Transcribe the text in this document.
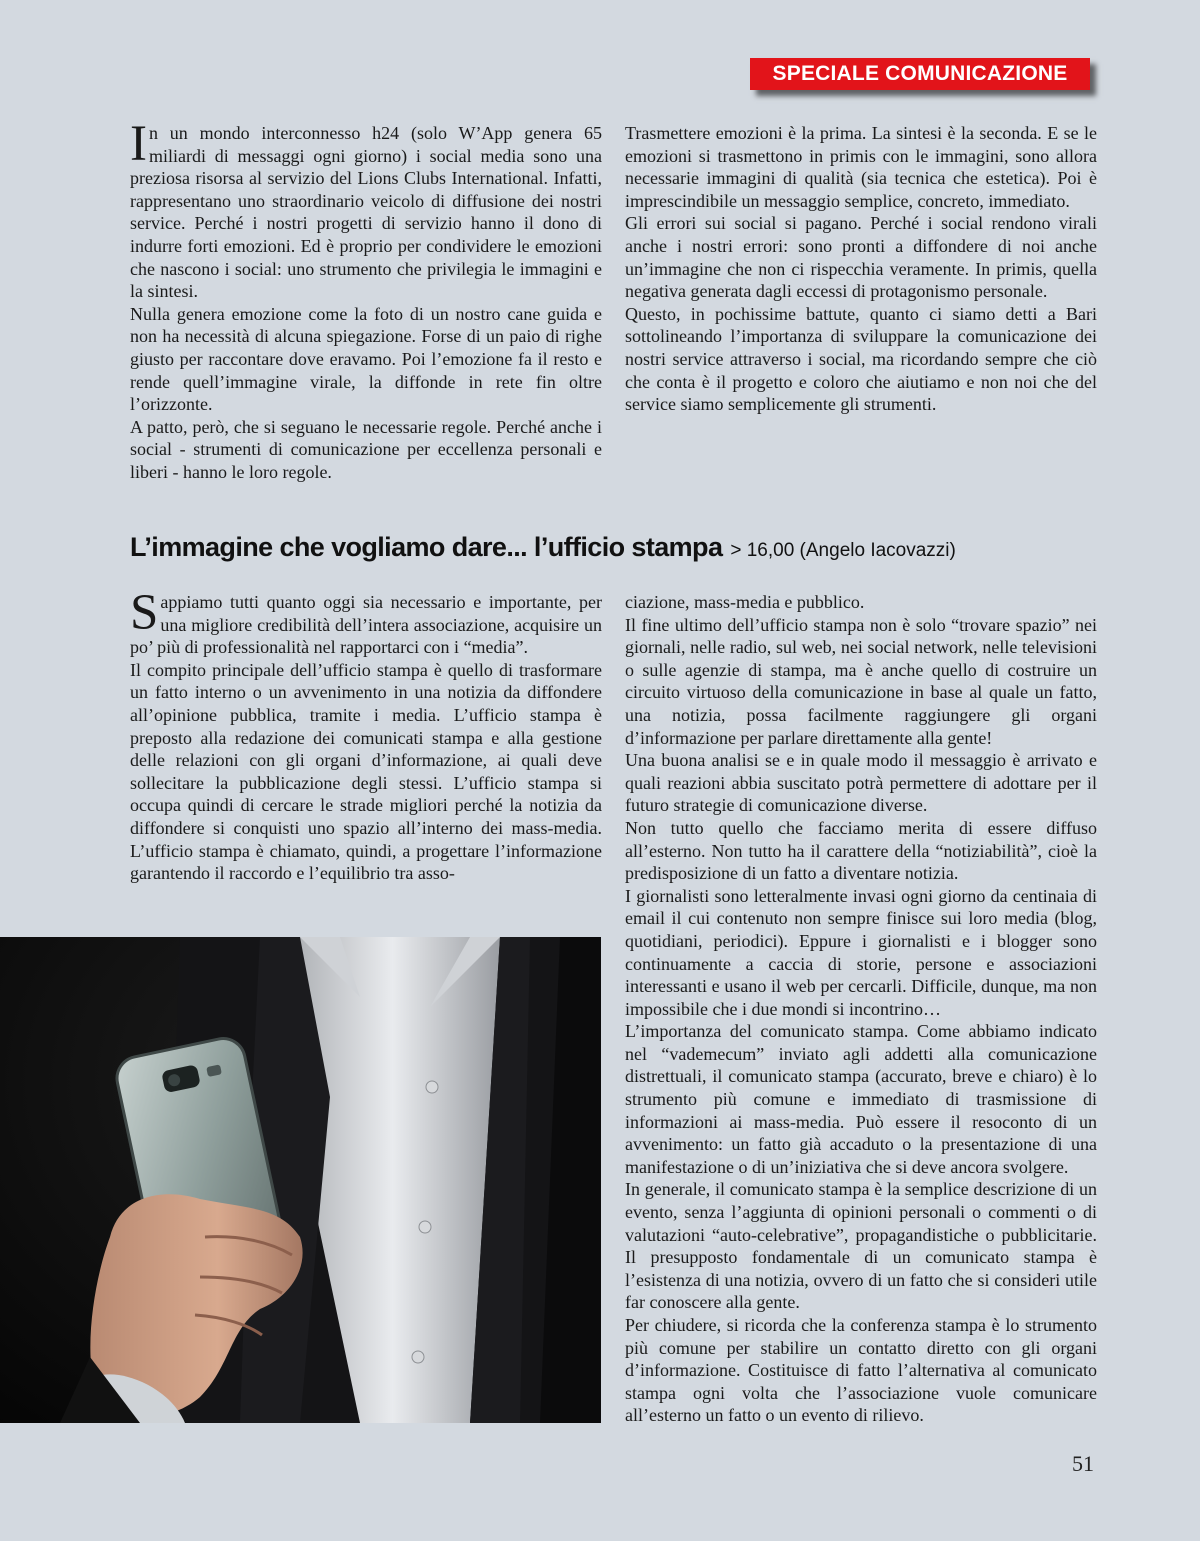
SPECIALE COMUNICAZIONE

In un mondo interconnesso h24 (solo W’App genera 65 miliardi di messaggi ogni giorno) i social media sono una preziosa risorsa al servizio del Lions Clubs International. Infatti, rappresentano uno straordinario veicolo di diffusione dei nostri service. Perché i nostri progetti di servizio hanno il dono di indurre forti emozioni. Ed è proprio per condividere le emozioni che nascono i social: uno strumento che privilegia le immagini e la sintesi.

Nulla genera emozione come la foto di un nostro cane guida e non ha necessità di alcuna spiegazione. Forse di un paio di righe giusto per raccontare dove eravamo. Poi l’emozione fa il resto e rende quell’immagine virale, la diffonde in rete fin oltre l’orizzonte.

A patto, però, che si seguano le necessarie regole. Perché anche i social - strumenti di comunicazione per eccellenza personali e liberi - hanno le loro regole.

Trasmettere emozioni è la prima. La sintesi è la seconda. E se le emozioni si trasmettono in primis con le immagini, sono allora necessarie immagini di qualità (sia tecnica che estetica). Poi è imprescindibile un messaggio semplice, concreto, immediato.

Gli errori sui social si pagano. Perché i social rendono virali anche i nostri errori: sono pronti a diffondere di noi anche un’immagine che non ci rispecchia veramente. In primis, quella negativa generata dagli eccessi di protagonismo personale.

Questo, in pochissime battute, quanto ci siamo detti a Bari sottolineando l’importanza di sviluppare la comunicazione dei nostri service attraverso i social, ma ricordando sempre che ciò che conta è il progetto e coloro che aiutiamo e non noi che del service siamo semplicemente gli strumenti.

L’immagine che vogliamo dare... l’ufficio stampa > 16,00 (Angelo Iacovazzi)

Sappiamo tutti quanto oggi sia necessario e importante, per una migliore credibilità dell’intera associazione, acquisire un po’ più di professionalità nel rapportarci con i “media”.

Il compito principale dell’ufficio stampa è quello di trasformare un fatto interno o un avvenimento in una notizia da diffondere all’opinione pubblica, tramite i media. L’ufficio stampa è preposto alla redazione dei comunicati stampa e alla gestione delle relazioni con gli organi d’informazione, ai quali deve sollecitare la pubblicazione degli stessi. L’ufficio stampa si occupa quindi di cercare le strade migliori perché la notizia da diffondere si conquisti uno spazio all’interno dei mass-media. L’ufficio stampa è chiamato, quindi, a progettare l’informazione garantendo il raccordo e l’equilibrio tra asso-

ciazione, mass-media e pubblico.

Il fine ultimo dell’ufficio stampa non è solo “trovare spazio” nei giornali, nelle radio, sul web, nei social network, nelle televisioni o sulle agenzie di stampa, ma è anche quello di costruire un circuito virtuoso della comunicazione in base al quale un fatto, una notizia, possa facilmente raggiungere gli organi d’informazione per parlare direttamente alla gente!

Una buona analisi se e in quale modo il messaggio è arrivato e quali reazioni abbia suscitato potrà permettere di adottare per il futuro strategie di comunicazione diverse.

Non tutto quello che facciamo merita di essere diffuso all’esterno. Non tutto ha il carattere della “notiziabilità”, cioè la predisposizione di un fatto a diventare notizia.

I giornalisti sono letteralmente invasi ogni giorno da centinaia di email il cui contenuto non sempre finisce sui loro media (blog, quotidiani, periodici). Eppure i giornalisti e i blogger sono continuamente a caccia di storie, persone e associazioni interessanti e usano il web per cercarli. Difficile, dunque, ma non impossibile che i due mondi si incontrino…

L’importanza del comunicato stampa. Come abbiamo indicato nel “vademecum” inviato agli addetti alla comunicazione distrettuali, il comunicato stampa (accurato, breve e chiaro) è lo strumento più comune e immediato di trasmissione di informazioni ai mass-media. Può essere il resoconto di un avvenimento: un fatto già accaduto o la presentazione di una manifestazione o di un’iniziativa che si deve ancora svolgere.

In generale, il comunicato stampa è la semplice descrizione di un evento, senza l’aggiunta di opinioni personali o commenti o di valutazioni “auto-celebrative”, propagandistiche o pubblicitarie. Il presupposto fondamentale di un comunicato stampa è l’esistenza di una notizia, ovvero di un fatto che si consideri utile far conoscere alla gente.

Per chiudere, si ricorda che la conferenza stampa è lo strumento più comune per stabilire un contatto diretto con gli organi d’informazione. Costituisce di fatto l’alternativa al comunicato stampa ogni volta che l’associazione vuole comunicare all’esterno un fatto o un evento di rilievo.

51
